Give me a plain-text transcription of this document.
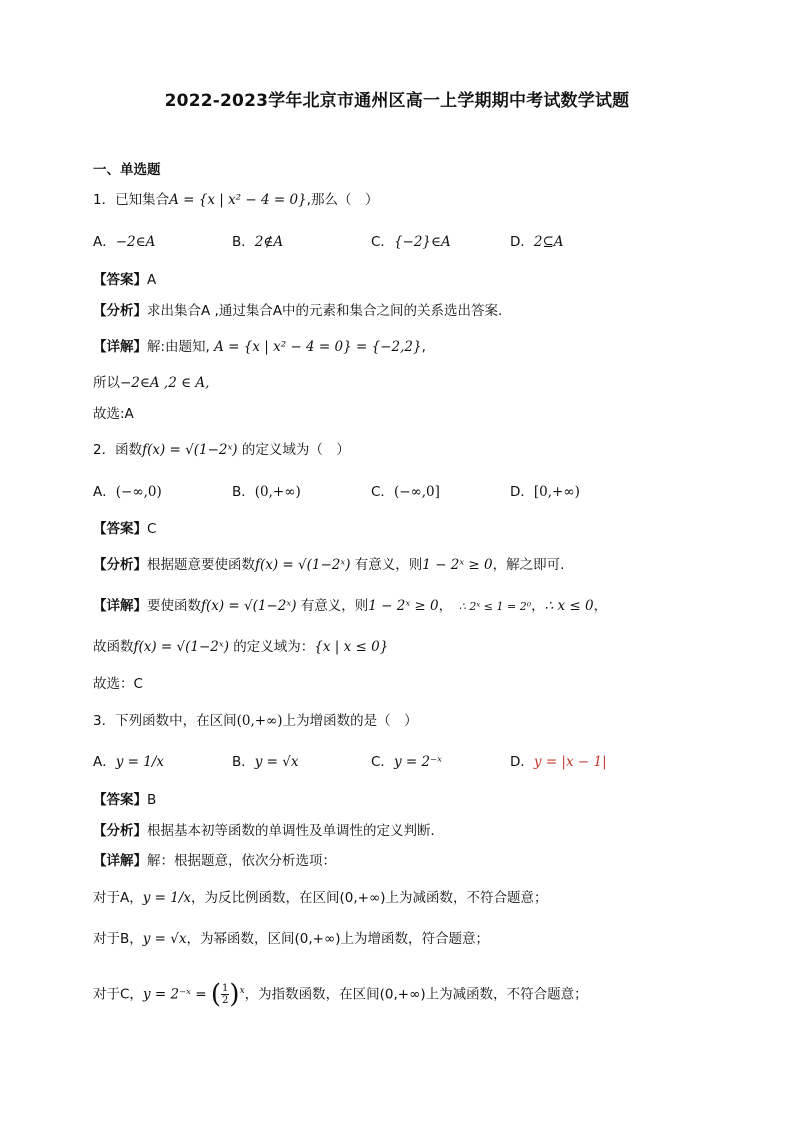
2022-2023学年北京市通州区高一上学期期中考试数学试题
一、单选题
1．已知集合A = {x | x² − 4 = 0},那么（　）
A．−2∈A	B．2∉A	C．{−2}∈A	D．2⊆A
【答案】A
【分析】求出集合A ,通过集合A中的元素和集合之间的关系选出答案.
【详解】解:由题知, A = {x | x² − 4 = 0} = {−2,2},
所以−2∈A ,2 ∈ A,
故选:A
2．函数f(x) = √(1−2ˣ) 的定义域为（　）
A．(−∞,0)	B．(0,+∞)	C．(−∞,0]	D．[0,+∞)
【答案】C
【分析】根据题意要使函数f(x) = √(1−2ˣ) 有意义，则1 − 2ˣ ≥ 0，解之即可.
【详解】要使函数f(x) = √(1−2ˣ) 有意义，则1 − 2ˣ ≥ 0，　∴ 2ˣ ≤ 1 = 2⁰，∴ x ≤ 0，
故函数f(x) = √(1−2ˣ) 的定义域为：{x | x ≤ 0}
故选：C
3．下列函数中，在区间(0,+∞)上为增函数的是（　）
A．y = 1/x	B．y = √x	C．y = 2⁻ˣ	D．y = |x − 1|
【答案】B
【分析】根据基本初等函数的单调性及单调性的定义判断．
【详解】解：根据题意，依次分析选项：
对于A，y = 1/x，为反比例函数，在区间(0,+∞)上为减函数，不符合题意；
对于B，y = √x，为幂函数，区间(0,+∞)上为增函数，符合题意；
对于C，y = 2⁻ˣ = ( $\frac{1}{2} )^x$，为指数函数，在区间(0,+∞)上为减函数，不符合题意；
